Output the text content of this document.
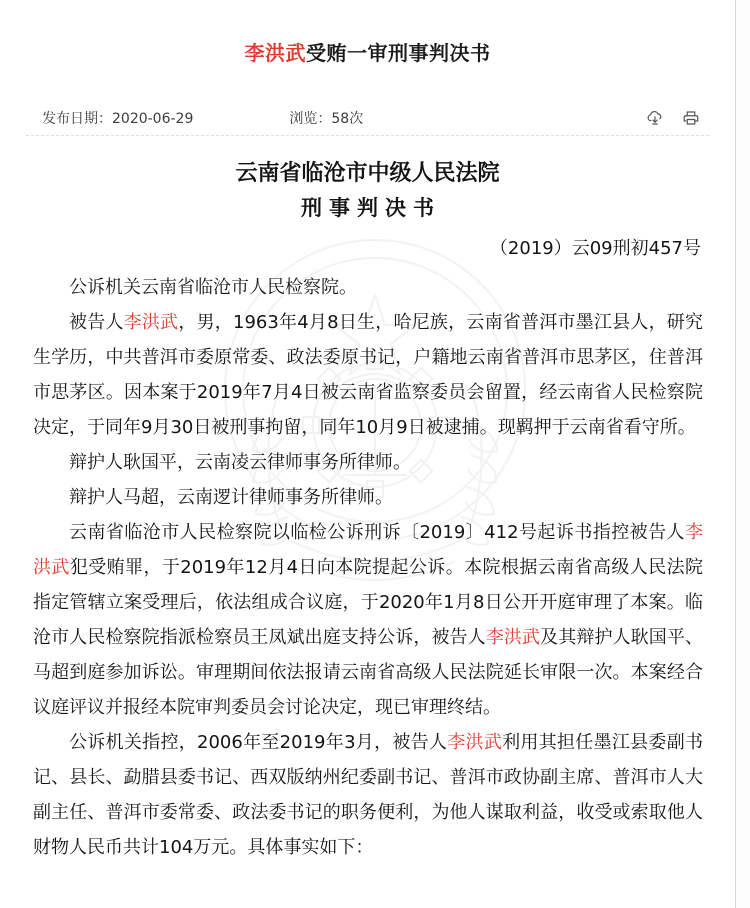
李洪武受贿一审刑事判决书
发布日期：2020-06-29	浏览：58次
云南省临沧市中级人民法院
刑事判决书

（2019）云09刑初457号

公诉机关云南省临沧市人民检察院。

被告人李洪武，男，1963年4月8日生，哈尼族，云南省普洱市墨江县人，研究生学历，中共普洱市委原常委、政法委原书记，户籍地云南省普洱市思茅区，住普洱市思茅区。因本案于2019年7月4日被云南省监察委员会留置，经云南省人民检察院决定，于同年9月30日被刑事拘留，同年10月9日被逮捕。现羁押于云南省看守所。

辩护人耿国平，云南凌云律师事务所律师。

辩护人马超，云南逻计律师事务所律师。

云南省临沧市人民检察院以临检公诉刑诉〔2019〕412号起诉书指控被告人李洪武犯受贿罪，于2019年12月4日向本院提起公诉。本院根据云南省高级人民法院指定管辖立案受理后，依法组成合议庭，于2020年1月8日公开开庭审理了本案。临沧市人民检察院指派检察员王凤斌出庭支持公诉，被告人李洪武及其辩护人耿国平、马超到庭参加诉讼。审理期间依法报请云南省高级人民法院延长审限一次。本案经合议庭评议并报经本院审判委员会讨论决定，现已审理终结。

公诉机关指控，2006年至2019年3月，被告人李洪武利用其担任墨江县委副书记、县长、勐腊县委书记、西双版纳州纪委副书记、普洱市政协副主席、普洱市人大副主任、普洱市委常委、政法委书记的职务便利，为他人谋取利益，收受或索取他人财物人民币共计104万元。具体事实如下：
